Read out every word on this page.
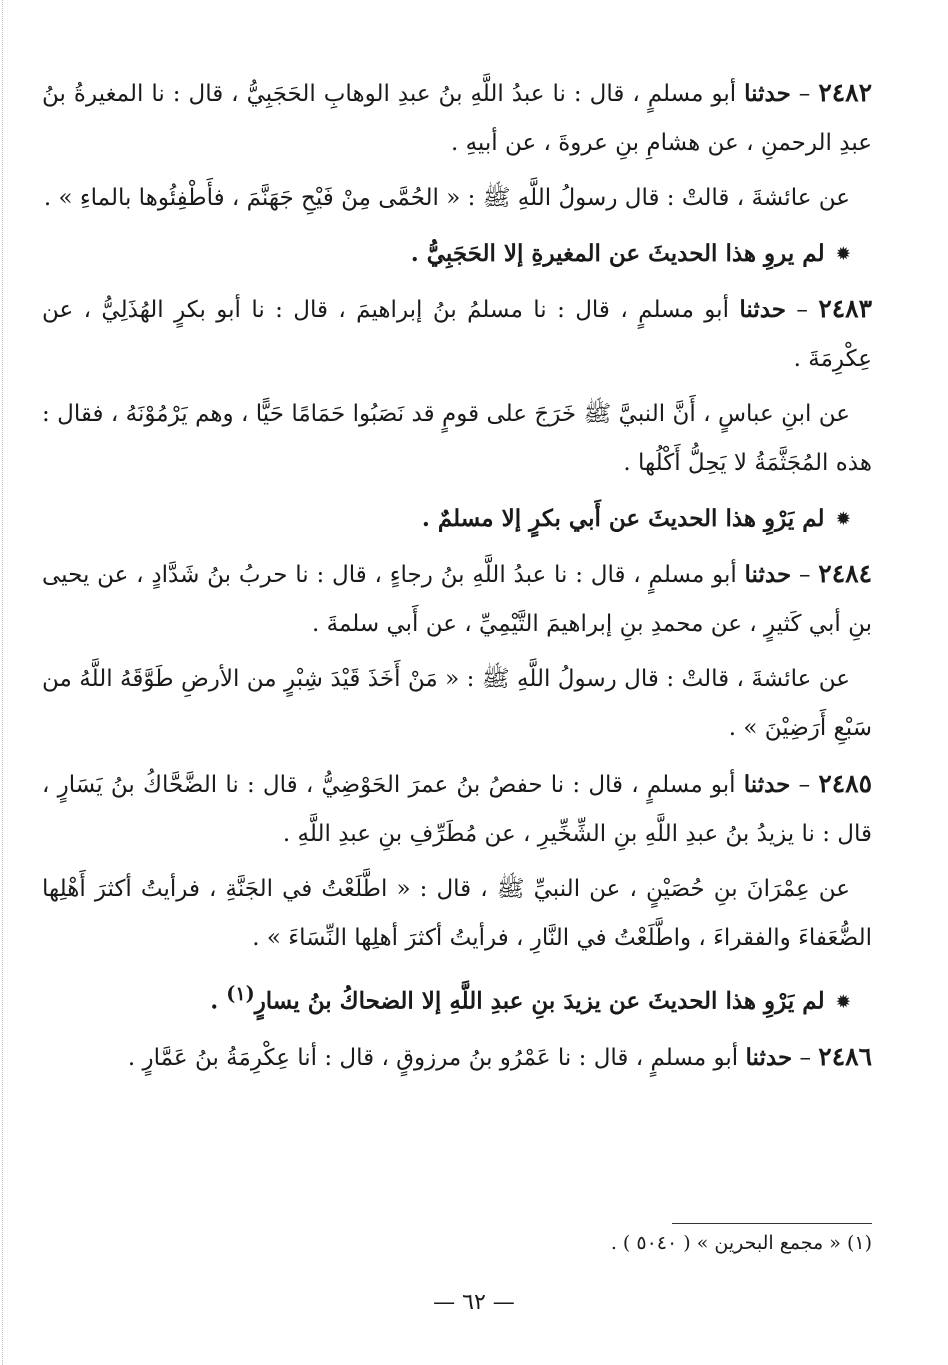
٢٤٨٢ – حدثنا أبو مسلمٍ ، قال : نا عبدُ اللَّهِ بنُ عبدِ الوهابِ الحَجَبِيُّ ، قال : نا المغيرةُ بنُ عبدِ الرحمنِ ، عن هشامِ بنِ عروةَ ، عن أبيهِ .

عن عائشةَ ، قالتْ : قال رسولُ اللَّهِ ﷺ : « الحُمَّى مِنْ فَيْحِ جَهَنَّمَ ، فأَطْفِئُوها بالماءِ » .

✹ لم يروِ هذا الحديثَ عن المغيرةِ إلا الحَجَبِيُّ .

٢٤٨٣ – حدثنا أبو مسلمٍ ، قال : نا مسلمُ بنُ إبراهيمَ ، قال : نا أبو بكرٍ الهُذَلِيُّ ، عن عِكْرِمَةَ .

عن ابنِ عباسٍ ، أَنَّ النبيَّ ﷺ خَرَجَ على قومٍ قد نَصَبُوا حَمَامًا حَيًّا ، وهم يَرْمُوْنَهُ ، فقال : هذه المُجَثَّمَةُ لا يَحِلُّ أَكْلُها .

✹ لم يَرْوِ هذا الحديثَ عن أَبي بكرٍ إلا مسلمٌ .

٢٤٨٤ – حدثنا أبو مسلمٍ ، قال : نا عبدُ اللَّهِ بنُ رجاءٍ ، قال : نا حربُ بنُ شَدَّادٍ ، عن يحيى بنِ أبي كَثيرٍ ، عن محمدِ بنِ إبراهيمَ التَّيْمِيِّ ، عن أَبي سلمةَ .

عن عائشةَ ، قالتْ : قال رسولُ اللَّهِ ﷺ : « مَنْ أَخَذَ قَيْدَ شِبْرٍ من الأرضِ طَوَّقَهُ اللَّهُ من سَبْعِ أَرَضِيْنَ » .

٢٤٨٥ – حدثنا أبو مسلمٍ ، قال : نا حفصُ بنُ عمرَ الحَوْضِيُّ ، قال : نا الضَّحَّاكُ بنُ يَسَارٍ ، قال : نا يزيدُ بنُ عبدِ اللَّهِ بنِ الشِّخِّيرِ ، عن مُطَرِّفِ بنِ عبدِ اللَّهِ .

عن عِمْرَانَ بنِ حُصَيْنٍ ، عن النبيِّ ﷺ ، قال : « اطَّلَعْتُ في الجَنَّةِ ، فرأيتُ أكثرَ أَهْلِها الضُّعَفاءَ والفقراءَ ، واطَّلَعْتُ في النَّارِ ، فرأيتُ أكثرَ أهلِها النِّسَاءَ » .

✹ لم يَرْوِ هذا الحديثَ عن يزيدَ بنِ عبدِ اللَّهِ إلا الضحاكُ بنُ يسارٍ$^{(١)}$ .

٢٤٨٦ – حدثنا أبو مسلمٍ ، قال : نا عَمْرُو بنُ مرزوقٍ ، قال : أنا عِكْرِمَةُ بنُ عَمَّارٍ .

(١) « مجمع البحرين » ( ٥٠٤٠ ) .
— ٦٢ —
